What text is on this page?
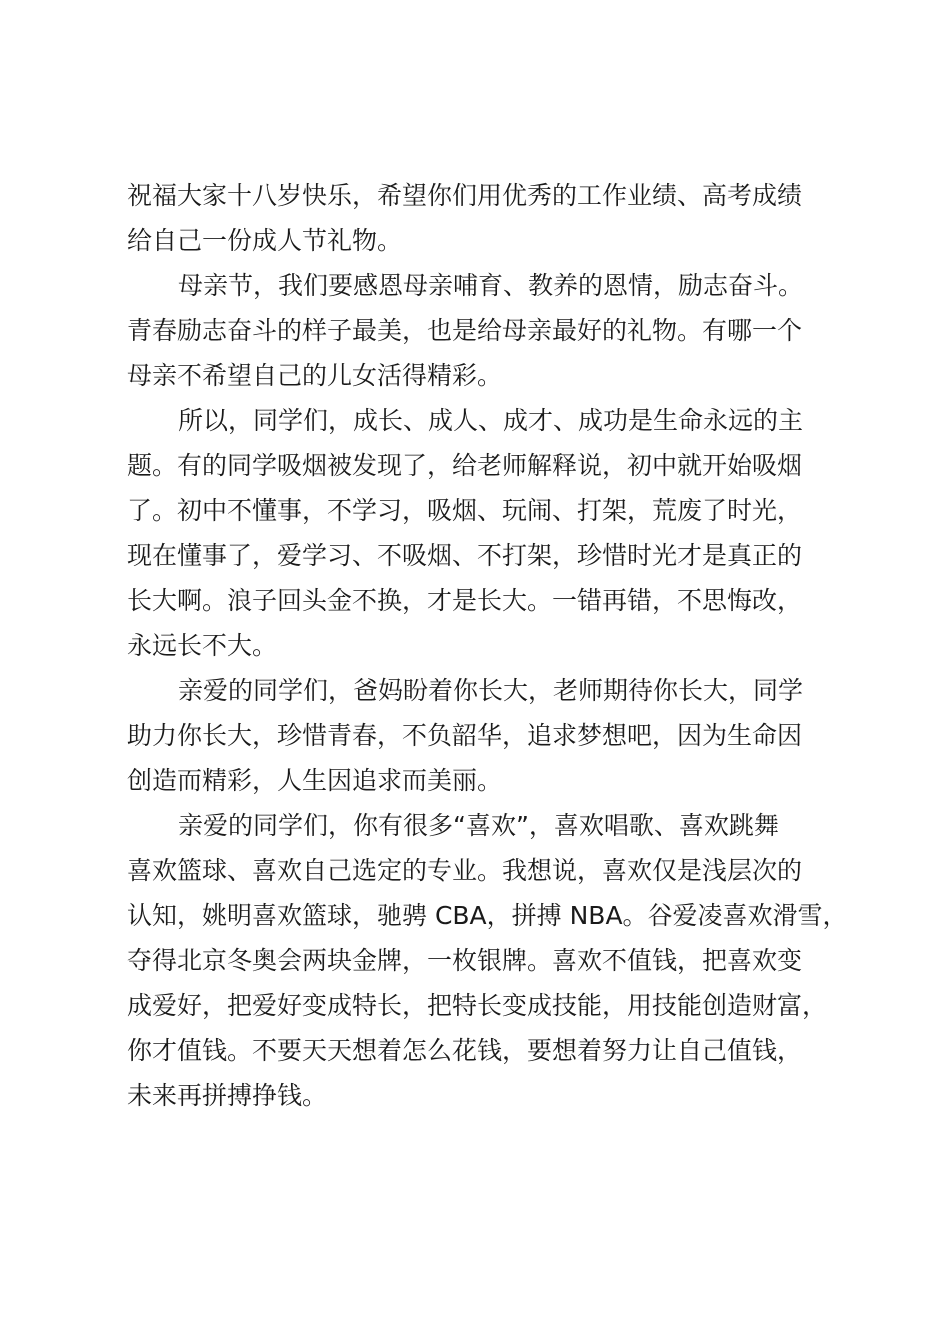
祝福大家十八岁快乐，希望你们用优秀的工作业绩、高考成绩
给自己一份成人节礼物。
母亲节，我们要感恩母亲哺育、教养的恩情，励志奋斗。
青春励志奋斗的样子最美，也是给母亲最好的礼物。有哪一个
母亲不希望自己的儿女活得精彩。
所以，同学们，成长、成人、成才、成功是生命永远的主
题。有的同学吸烟被发现了，给老师解释说，初中就开始吸烟
了。初中不懂事，不学习，吸烟、玩闹、打架，荒废了时光，
现在懂事了，爱学习、不吸烟、不打架，珍惜时光才是真正的
长大啊。浪子回头金不换，才是长大。一错再错，不思悔改，
永远长不大。
亲爱的同学们，爸妈盼着你长大，老师期待你长大，同学
助力你长大，珍惜青春，不负韶华，追求梦想吧，因为生命因
创造而精彩，人生因追求而美丽。
亲爱的同学们，你有很多“喜欢”，喜欢唱歌、喜欢跳舞
喜欢篮球、喜欢自己选定的专业。我想说，喜欢仅是浅层次的
认知，姚明喜欢篮球，驰骋 CBA，拼搏 NBA。谷爱凌喜欢滑雪，
夺得北京冬奥会两块金牌，一枚银牌。喜欢不值钱，把喜欢变
成爱好，把爱好变成特长，把特长变成技能，用技能创造财富，
你才值钱。不要天天想着怎么花钱，要想着努力让自己值钱，
未来再拼搏挣钱。
